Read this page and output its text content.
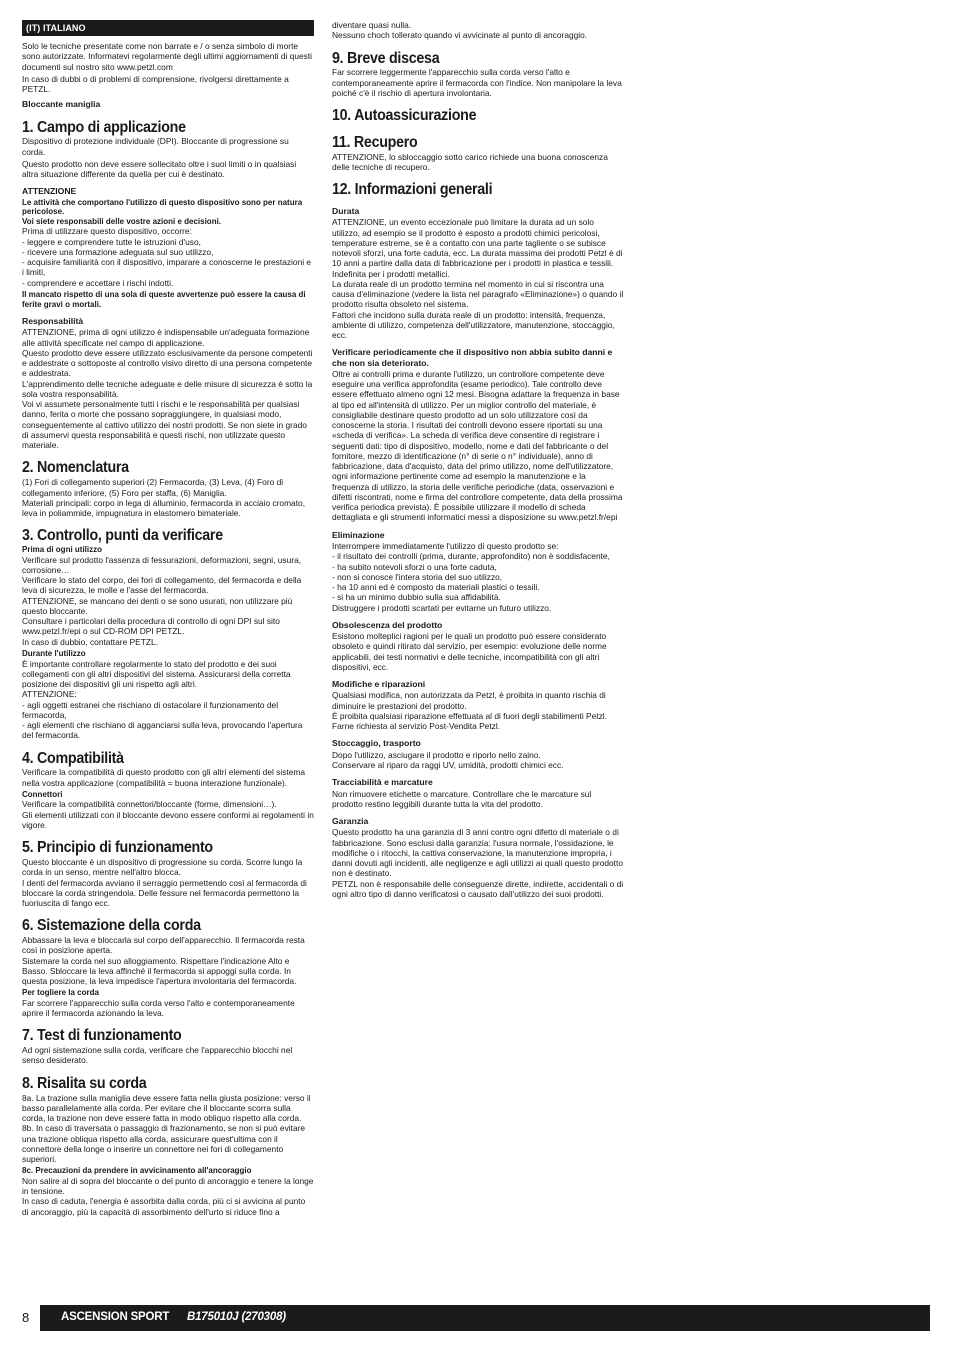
(IT) ITALIANO

Solo le tecniche presentate come non barrate e / o senza simbolo di morte sono autorizzate. Informatevi regolarmente degli ultimi aggiornamenti di questi documenti sul nostro sito www.petzl.com

In caso di dubbi o di problemi di comprensione, rivolgersi direttamente a PETZL.

Bloccante maniglia
1. Campo di applicazione

Dispositivo di protezione individuale (DPI). Bloccante di progressione su corda.

Questo prodotto non deve essere sollecitato oltre i suoi limiti o in qualsiasi altra situazione differente da quella per cui è destinato.

ATTENZIONE

Le attività che comportano l'utilizzo di questo dispositivo sono per natura pericolose.
Voi siete responsabili delle vostre azioni e decisioni.

Prima di utilizzare questo dispositivo, occorre:
- leggere e comprendere tutte le istruzioni d'uso,
- ricevere una formazione adeguata sul suo utilizzo,
- acquisire familiarità con il dispositivo, imparare a conoscerne le prestazioni e i limiti,
- comprendere e accettare i rischi indotti.

Il mancato rispetto di una sola di queste avvertenze può essere la causa di ferite gravi o mortali.

Responsabilità

ATTENZIONE, prima di ogni utilizzo è indispensabile un'adeguata formazione alle attività specificate nel campo di applicazione.
Questo prodotto deve essere utilizzato esclusivamente da persone competenti e addestrate o sottoposte al controllo visivo diretto di una persona competente e addestrata.
L'apprendimento delle tecniche adeguate e delle misure di sicurezza è sotto la sola vostra responsabilità.
Voi vi assumete personalmente tutti i rischi e le responsabilità per qualsiasi danno, ferita o morte che possano sopraggiungere, in qualsiasi modo, conseguentemente al cattivo utilizzo dei nostri prodotti. Se non siete in grado di assumervi questa responsabilità e questi rischi, non utilizzate questo materiale.

2. Nomenclatura

(1) Fori di collegamento superiori (2) Fermacorda, (3) Leva, (4) Foro di collegamento inferiore, (5) Foro per staffa, (6) Maniglia.
Materiali principali: corpo in lega di alluminio, fermacorda in acciaio cromato, leva in poliammide, impugnatura in elastomero bimateriale.

3. Controllo, punti da verificare

Prima di ogni utilizzo

Verificare sul prodotto l'assenza di fessurazioni, deformazioni, segni, usura, corrosione…
Verificare lo stato del corpo, dei fori di collegamento, del fermacorda e della leva di sicurezza, le molle e l'asse del fermacorda.
ATTENZIONE, se mancano dei denti o se sono usurati, non utilizzare più questo bloccante.
Consultare i particolari della procedura di controllo di ogni DPI sul sito www.petzl.fr/epi o sul CD-ROM DPI PETZL.
In caso di dubbio, contattare PETZL.

Durante l'utilizzo

È importante controllare regolarmente lo stato del prodotto e dei suoi collegamenti con gli altri dispositivi del sistema. Assicurarsi della corretta posizione dei dispositivi gli uni rispetto agli altri.
ATTENZIONE:
- agli oggetti estranei che rischiano di ostacolare il funzionamento del fermacorda,
- agli elementi che rischiano di agganciarsi sulla leva, provocando l'apertura del fermacorda.

4. Compatibilità

Verificare la compatibilità di questo prodotto con gli altri elementi del sistema nella vostra applicazione (compatibilità = buona interazione funzionale).

Connettori

Verificare la compatibilità connettori/bloccante (forme, dimensioni…).
Gli elementi utilizzati con il bloccante devono essere conformi ai regolamenti in vigore.

5. Principio di funzionamento

Questo bloccante è un dispositivo di progressione su corda. Scorre lungo la corda in un senso, mentre nell'altro blocca.
I denti del fermacorda avviano il serraggio permettendo così al fermacorda di bloccare la corda stringendola. Delle fessure nel fermacorda permettono la fuoriuscita di fango ecc.

6. Sistemazione della corda

Abbassare la leva e bloccarla sul corpo dell'apparecchio. Il fermacorda resta così in posizione aperta.
Sistemare la corda nel suo alloggiamento. Rispettare l'indicazione Alto e Basso. Sbloccare la leva affinché il fermacorda si appoggi sulla corda. In questa posizione, la leva impedisce l'apertura involontaria del fermacorda.

Per togliere la corda

Far scorrere l'apparecchio sulla corda verso l'alto e contemporaneamente aprire il fermacorda azionando la leva.

7. Test di funzionamento

Ad ogni sistemazione sulla corda, verificare che l'apparecchio blocchi nel senso desiderato.

8. Risalita su corda

8a. La trazione sulla maniglia deve essere fatta nella giusta posizione: verso il basso parallelamente alla corda. Per evitare che il bloccante scorra sulla corda, la trazione non deve essere fatta in modo obliquo rispetto alla corda.
8b. In caso di traversata o passaggio di frazionamento, se non si può evitare una trazione obliqua rispetto alla corda, assicurare quest'ultima con il connettore della longe o inserire un connettore nei fori di collegamento superiori.

8c. Precauzioni da prendere in avvicinamento all'ancoraggio

Non salire al di sopra del bloccante o del punto di ancoraggio e tenere la longe in tensione.
In caso di caduta, l'energia è assorbita dalla corda, più ci si avvicina al punto di ancoraggio, più la capacità di assorbimento dell'urto si riduce fino a

diventare quasi nulla.
Nessuno choch tollerato quando vi avvicinate al punto di ancoraggio.

9. Breve discesa

Far scorrere leggermente l'apparecchio sulla corda verso l'alto e contemporaneamente aprire il fermacorda con l'indice. Non manipolare la leva poiché c'è il rischio di apertura involontaria.

10. Autoassicurazione
11. Recupero

ATTENZIONE, lo sbloccaggio sotto carico richiede una buona conoscenza delle tecniche di recupero.

12. Informazioni generali
Durata

ATTENZIONE, un evento eccezionale può limitare la durata ad un solo utilizzo, ad esempio se il prodotto è esposto a prodotti chimici pericolosi, temperature estreme, se è a contatto con una parte tagliente o se subisce notevoli sforzi, una forte caduta, ecc. La durata massima dei prodotti Petzl è di 10 anni a partire dalla data di fabbricazione per i prodotti in plastica e tessili. Indefinita per i prodotti metallici.
La durata reale di un prodotto termina nel momento in cui si riscontra una causa d'eliminazione (vedere la lista nel paragrafo «Eliminazione») o quando il prodotto risulta obsoleto nel sistema.
Fattori che incidono sulla durata reale di un prodotto: intensità, frequenza, ambiente di utilizzo, competenza dell'utilizzatore, manutenzione, stoccaggio, ecc.

Verificare periodicamente che il dispositivo non abbia subito danni e che non sia deteriorato.

Oltre ai controlli prima e durante l'utilizzo, un controllore competente deve eseguire una verifica approfondita (esame periodico). Tale controllo deve essere effettuato almeno ogni 12 mesi. Bisogna adattare la frequenza in base al tipo ed all'intensità di utilizzo. Per un miglior controllo del materiale, è consigliabile destinare questo prodotto ad un solo utilizzatore così da conoscerne la storia. I risultati dei controlli devono essere riportati su una «scheda di verifica». La scheda di verifica deve consentire di registrare i seguenti dati: tipo di dispositivo, modello, nome e dati del fabbricante o del fornitore, mezzo di identificazione (n° di serie o n° individuale), anno di fabbricazione, data d'acquisto, data del primo utilizzo, nome dell'utilizzatore, ogni informazione pertinente come ad esempio la manutenzione e la frequenza di utilizzo, la storia delle verifiche periodiche (data, osservazioni e difetti riscontrati, nome e firma del controllore competente, data della prossima verifica periodica prevista). È possibile utilizzare il modello di scheda dettagliata e gli strumenti informatici messi a disposizione su www.petzl.fr/epi

Eliminazione

Interrompere immediatamente l'utilizzo di questo prodotto se:
- il risultato dei controlli (prima, durante, approfondito) non è soddisfacente,
- ha subito notevoli sforzi o una forte caduta,
- non si conosce l'intera storia del suo utilizzo,
- ha 10 anni ed è composto da materiali plastici o tessili.
- si ha un minimo dubbio sulla sua affidabilità.
Distruggere i prodotti scartati per evitarne un futuro utilizzo.

Obsolescenza del prodotto

Esistono molteplici ragioni per le quali un prodotto può essere considerato obsoleto e quindi ritirato dal servizio, per esempio: evoluzione delle norme applicabili, dei testi normativi e delle tecniche, incompatibilità con gli altri dispositivi, ecc.

Modifiche e riparazioni

Qualsiasi modifica, non autorizzata da Petzl, è proibita in quanto rischia di diminuire le prestazioni del prodotto.
È proibita qualsiasi riparazione effettuata al di fuori degli stabilimenti Petzl. Farne richiesta al servizio Post-Vendita Petzl.

Stoccaggio, trasporto

Dopo l'utilizzo, asciugare il prodotto e riporlo nello zaino.
Conservare al riparo da raggi UV, umidità, prodotti chimici ecc.

Tracciabilità e marcature

Non rimuovere etichette o marcature. Controllare che le marcature sul prodotto restino leggibili durante tutta la vita del prodotto.

Garanzia

Questo prodotto ha una garanzia di 3 anni contro ogni difetto di materiale o di fabbricazione. Sono esclusi dalla garanzia: l'usura normale, l'ossidazione, le modifiche o i ritocchi, la cattiva conservazione, la manutenzione impropria, i danni dovuti agli incidenti, alle negligenze e agli utilizzi ai quali questo prodotto non è destinato.
PETZL non è responsabile delle conseguenze dirette, indirette, accidentali o di ogni altro tipo di danno verificatosi o causato dall'utilizzo dei suoi prodotti.

8	ASCENSION SPORT B175010J (270308)
